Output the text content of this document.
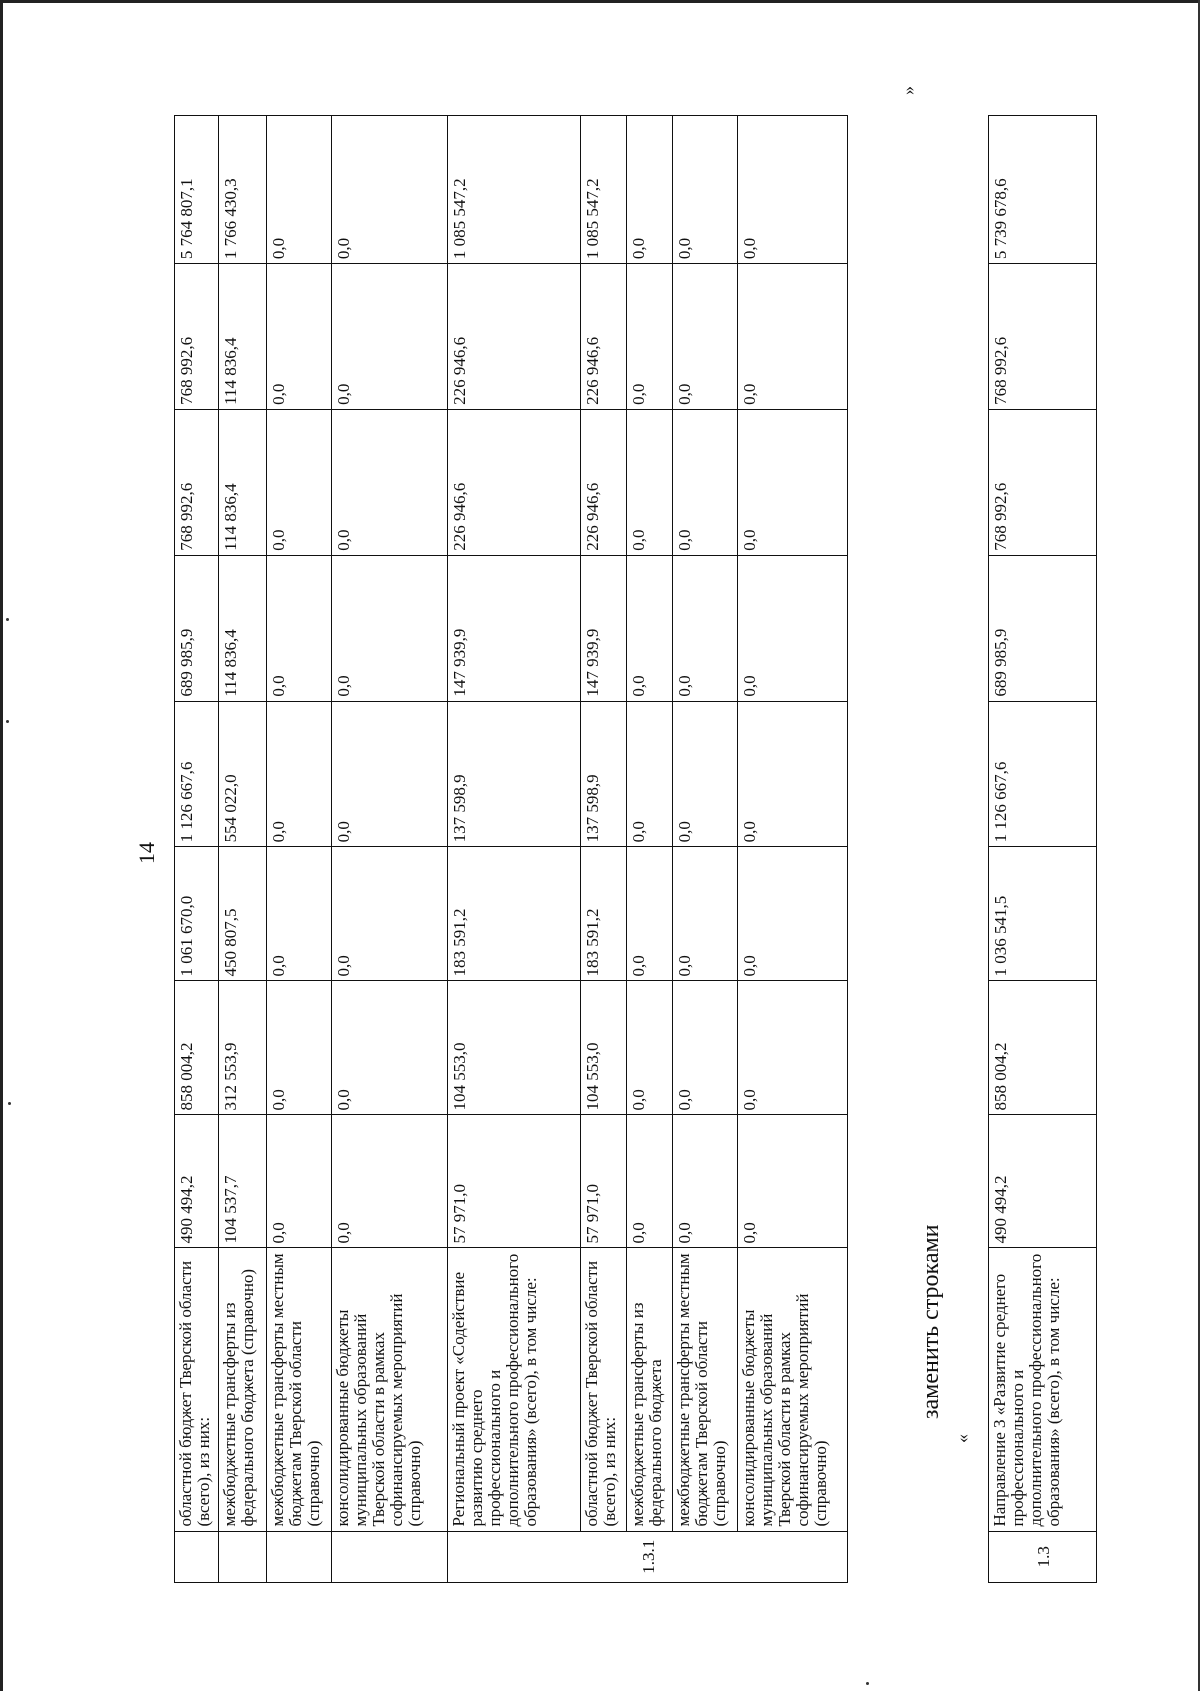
14
	областной бюджет Тверской области (всего), из них:	490 494,2	858 004,2	1 061 670,0	1 126 667,6	689 985,9	768 992,6	768 992,6	5 764 807,1
	межбюджетные трансферты из федерального бюджета (справочно)	104 537,7	312 553,9	450 807,5	554 022,0	114 836,4	114 836,4	114 836,4	1 766 430,3
	межбюджетные трансферты местным бюджетам Тверской области (справочно)	0,0	0,0	0,0	0,0	0,0	0,0	0,0	0,0
	консолидированные бюджеты муниципальных образований Тверской области в рамках софинансируемых мероприятий (справочно)	0,0	0,0	0,0	0,0	0,0	0,0	0,0	0,0
1.3.1	Региональный проект «Содействие развитию среднего профессионального и дополнительного профессионального образования» (всего), в том числе:	57 971,0	104 553,0	183 591,2	137 598,9	147 939,9	226 946,6	226 946,6	1 085 547,2
	областной бюджет Тверской области (всего), из них:	57 971,0	104 553,0	183 591,2	137 598,9	147 939,9	226 946,6	226 946,6	1 085 547,2
	межбюджетные трансферты из федерального бюджета	0,0	0,0	0,0	0,0	0,0	0,0	0,0	0,0
	межбюджетные трансферты местным бюджетам Тверской области (справочно)	0,0	0,0	0,0	0,0	0,0	0,0	0,0	0,0
	консолидированные бюджеты муниципальных образований Тверской области в рамках софинансируемых мероприятий (справочно)	0,0	0,0	0,0	0,0	0,0	0,0	0,0	0,0
»
заменить строками
«
1.3	Направление 3 «Развитие среднего профессионального и дополнительного профессионального образования» (всего), в том числе:	490 494,2	858 004,2	1 036 541,5	1 126 667,6	689 985,9	768 992,6	768 992,6	5 739 678,6
